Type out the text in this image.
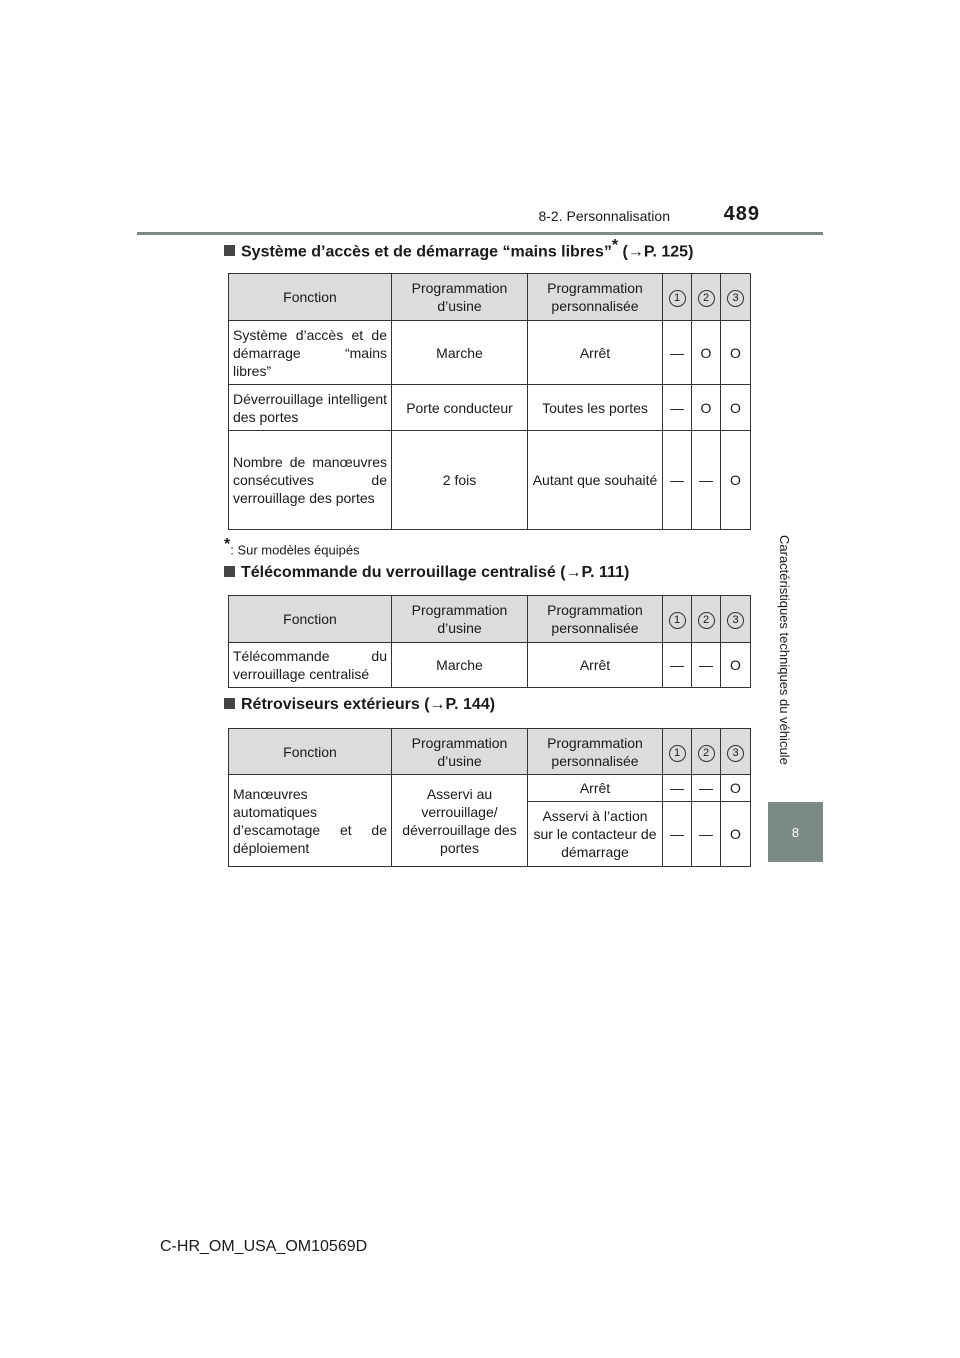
8-2. Personnalisation	489
Caractéristiques techniques du véhicule
8
Système d’accès et de démarrage “mains libres”* (→P. 125)
Fonction	Programmation d’usine	Programmation personnalisée	1	2	3
Système d’accès et de démarrage “mains libres”	Marche	Arrêt	—	O	O
Déverrouillage intelligent des portes	Porte conducteur	Toutes les portes	—	O	O
Nombre de manœuvres consécutives de verrouillage des portes	2 fois	Autant que souhaité	—	—	O
*: Sur modèles équipés
Télécommande du verrouillage centralisé (→P. 111)
Fonction	Programmation d’usine	Programmation personnalisée	1	2	3
Télécommande du verrouillage centralisé	Marche	Arrêt	—	—	O
Rétroviseurs extérieurs (→P. 144)
Fonction	Programmation d’usine	Programmation personnalisée	1	2	3
Manœuvres automatiques d’escamotage et de déploiement	Asservi au verrouillage/ déverrouillage des portes	Arrêt	—	—	O
		Asservi à l’action sur le contacteur de démarrage	—	—	O
C-HR_OM_USA_OM10569D
